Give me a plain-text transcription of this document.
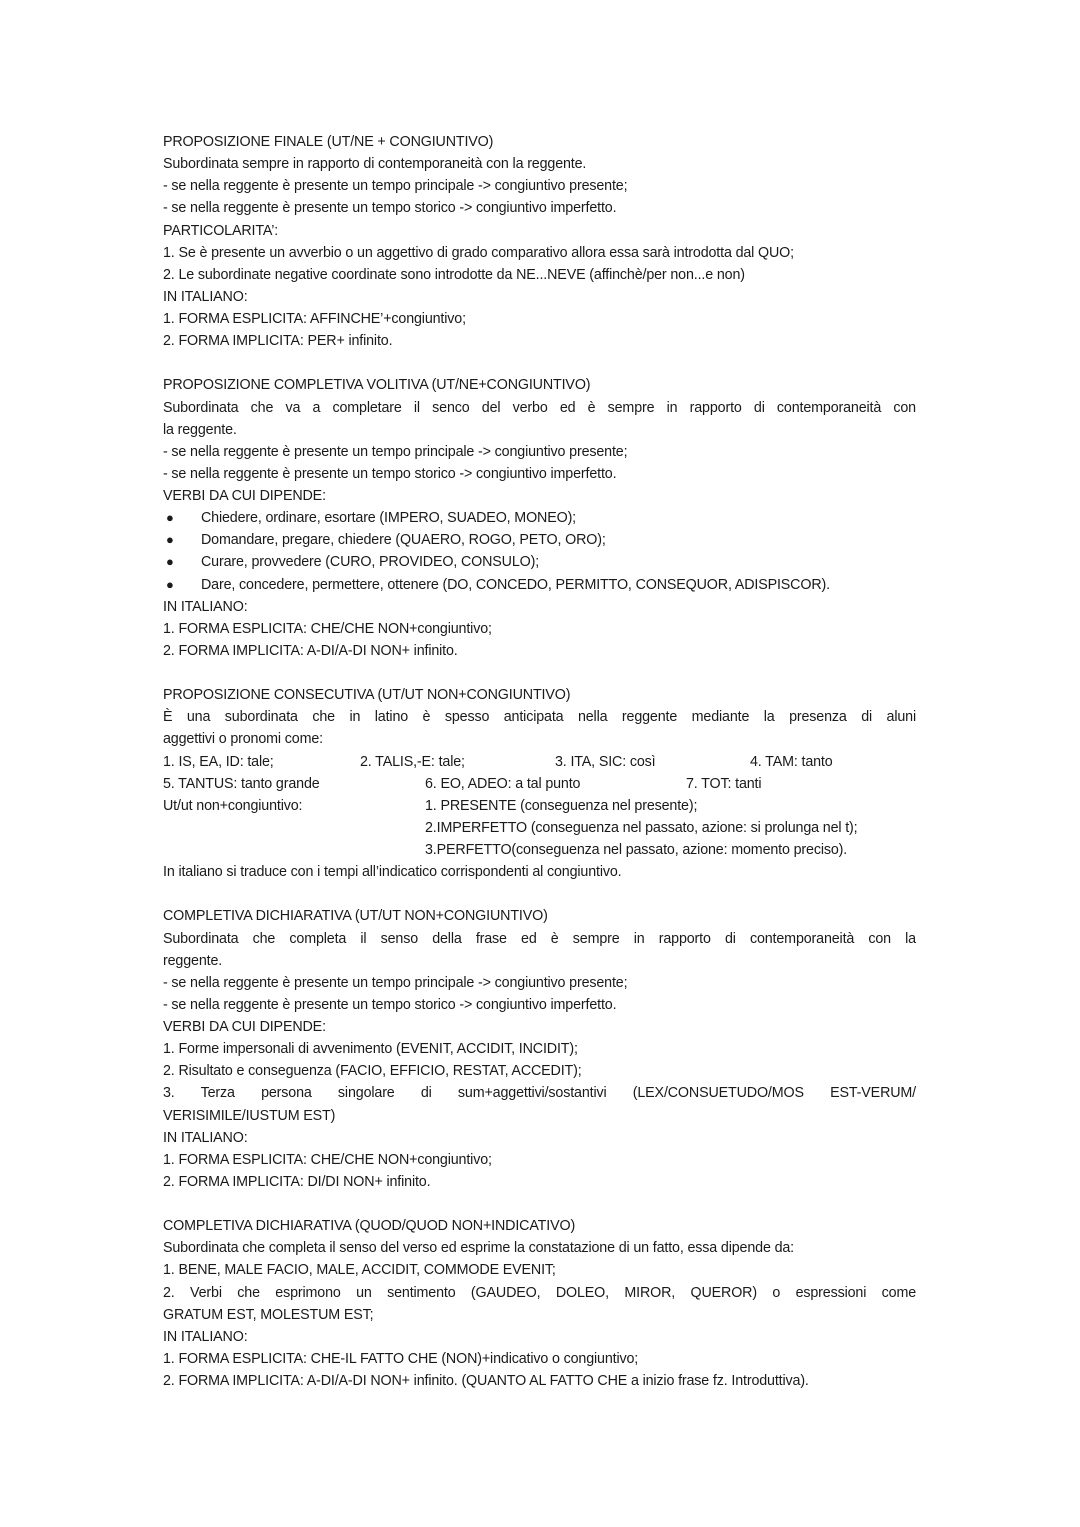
PROPOSIZIONE FINALE (UT/NE + CONGIUNTIVO)
Subordinata sempre in rapporto di contemporaneità con la reggente.
- se nella reggente è presente un tempo principale -> congiuntivo presente;
- se nella reggente è presente un tempo storico -> congiuntivo imperfetto.
PARTICOLARITA’:
1. Se è presente un avverbio o un aggettivo di grado comparativo allora essa sarà introdotta dal QUO;
2. Le subordinate negative coordinate sono introdotte da NE...NEVE (affinchè/per non...e non)
IN ITALIANO:
1. FORMA ESPLICITA: AFFINCHE’+congiuntivo;
2. FORMA IMPLICITA: PER+ infinito.
PROPOSIZIONE COMPLETIVA VOLITIVA (UT/NE+CONGIUNTIVO)
Subordinata che va a completare il senco del verbo ed è sempre in rapporto di contemporaneità con
la reggente.
- se nella reggente è presente un tempo principale -> congiuntivo presente;
- se nella reggente è presente un tempo storico -> congiuntivo imperfetto.
VERBI DA CUI DIPENDE:
● Chiedere, ordinare, esortare (IMPERO, SUADEO, MONEO);
● Domandare, pregare, chiedere (QUAERO, ROGO, PETO, ORO);
● Curare, provvedere (CURO, PROVIDEO, CONSULO);
● Dare, concedere, permettere, ottenere (DO, CONCEDO, PERMITTO, CONSEQUOR, ADISPISCOR).
IN ITALIANO:
1. FORMA ESPLICITA: CHE/CHE NON+congiuntivo;
2. FORMA IMPLICITA: A-DI/A-DI NON+ infinito.
PROPOSIZIONE CONSECUTIVA (UT/UT NON+CONGIUNTIVO)
È una subordinata che in latino è spesso anticipata nella reggente mediante la presenza di aluni
aggettivi o pronomi come:
1. IS, EA, ID: tale;	2. TALIS,-E: tale;	3. ITA, SIC: così	4. TAM: tanto
5. TANTUS: tanto grande	6. EO, ADEO: a tal punto	7. TOT: tanti
Ut/ut non+congiuntivo:	1. PRESENTE (conseguenza nel presente);
2.IMPERFETTO (conseguenza nel passato, azione: si prolunga nel t);
3.PERFETTO(conseguenza nel passato, azione: momento preciso).
In italiano si traduce con i tempi all’indicatico corrispondenti al congiuntivo.
COMPLETIVA DICHIARATIVA (UT/UT NON+CONGIUNTIVO)
Subordinata che completa il senso della frase ed è sempre in rapporto di contemporaneità con la
reggente.
- se nella reggente è presente un tempo principale -> congiuntivo presente;
- se nella reggente è presente un tempo storico -> congiuntivo imperfetto.
VERBI DA CUI DIPENDE:
1. Forme impersonali di avvenimento (EVENIT, ACCIDIT, INCIDIT);
2. Risultato e conseguenza (FACIO, EFFICIO, RESTAT, ACCEDIT);
3. Terza persona singolare di sum+aggettivi/sostantivi (LEX/CONSUETUDO/MOS EST-VERUM/
VERISIMILE/IUSTUM EST)
IN ITALIANO:
1. FORMA ESPLICITA: CHE/CHE NON+congiuntivo;
2. FORMA IMPLICITA: DI/DI NON+ infinito.
COMPLETIVA DICHIARATIVA (QUOD/QUOD NON+INDICATIVO)
Subordinata che completa il senso del verso ed esprime la constatazione di un fatto, essa dipende da:
1. BENE, MALE FACIO, MALE, ACCIDIT, COMMODE EVENIT;
2. Verbi che esprimono un sentimento (GAUDEO, DOLEO, MIROR, QUEROR) o espressioni come
GRATUM EST, MOLESTUM EST;
IN ITALIANO:
1. FORMA ESPLICITA: CHE-IL FATTO CHE (NON)+indicativo o congiuntivo;
2. FORMA IMPLICITA: A-DI/A-DI NON+ infinito. (QUANTO AL FATTO CHE a inizio frase fz. Introduttiva).
